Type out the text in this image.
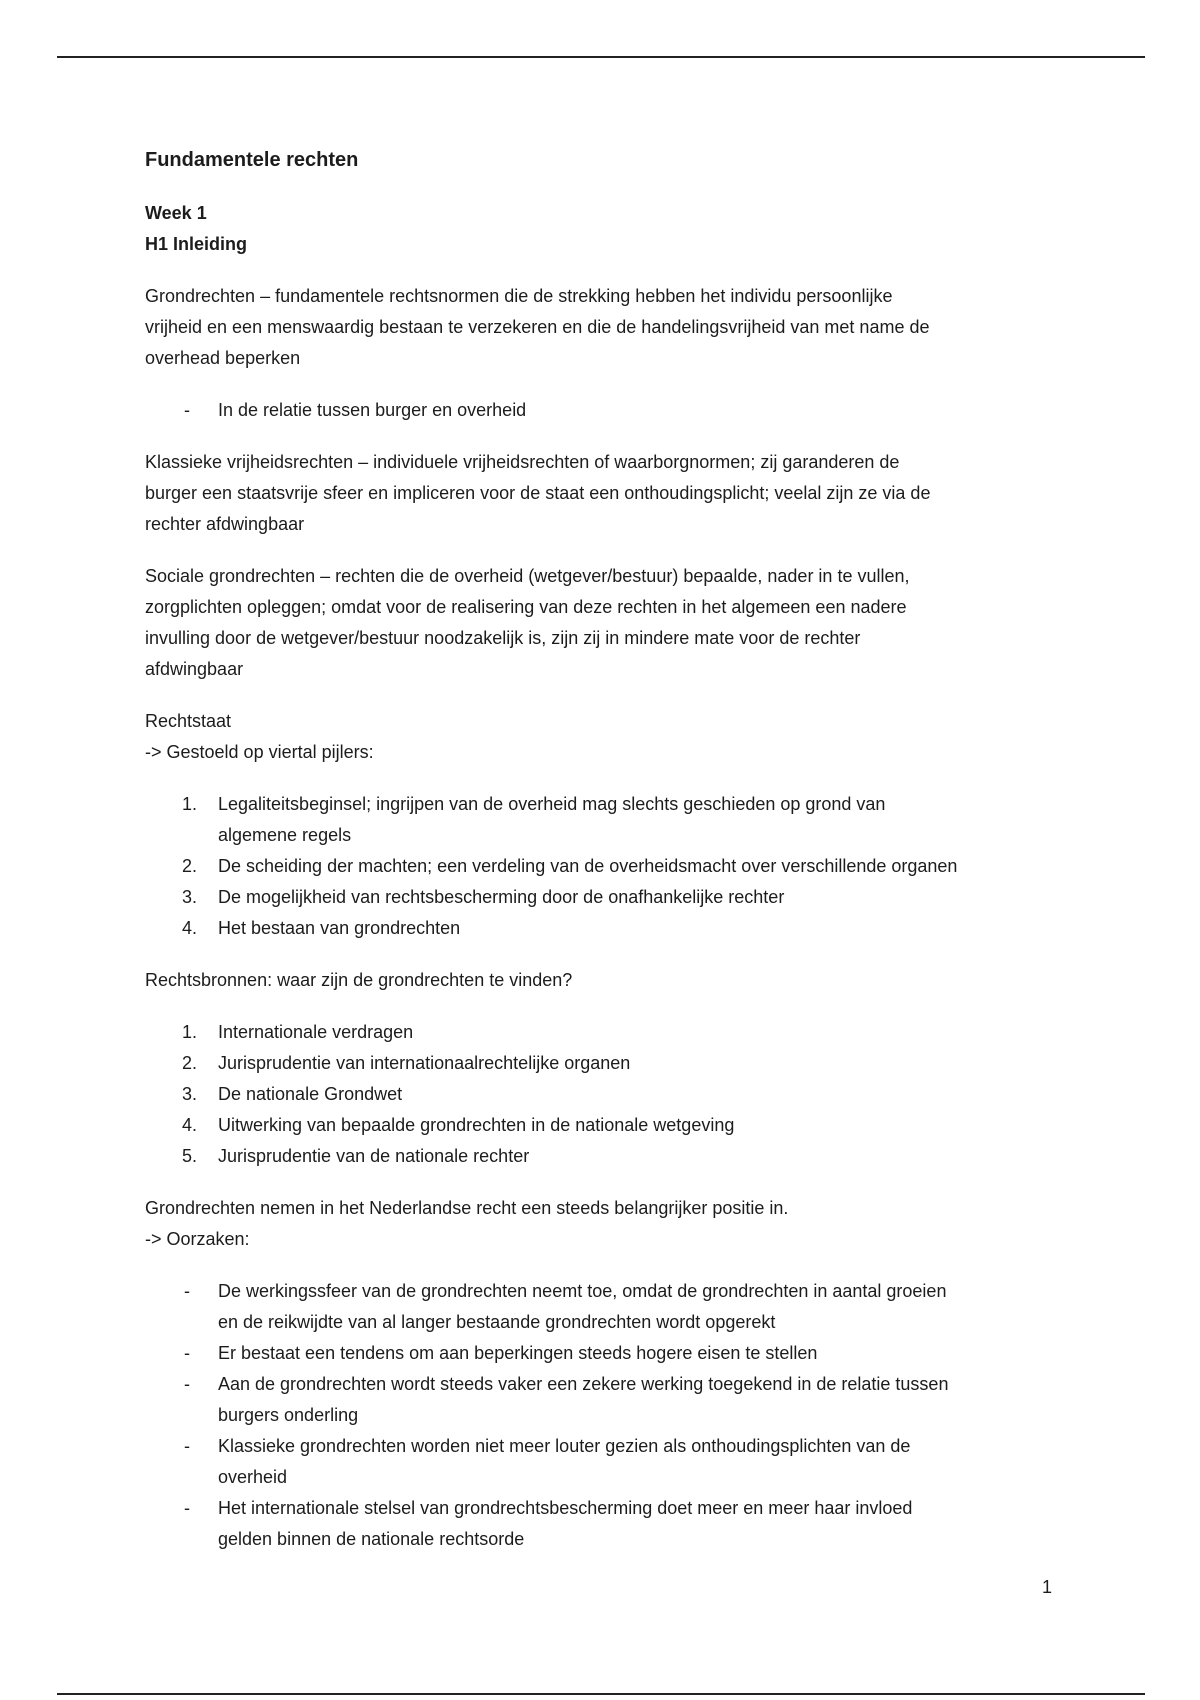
Fundamentele rechten
Week 1
H1 Inleiding
Grondrechten – fundamentele rechtsnormen die de strekking hebben het individu persoonlijke
vrijheid en een menswaardig bestaan te verzekeren en die de handelingsvrijheid van met name de
overhead beperken
- In de relatie tussen burger en overheid
Klassieke vrijheidsrechten – individuele vrijheidsrechten of waarborgnormen; zij garanderen de
burger een staatsvrije sfeer en impliceren voor de staat een onthoudingsplicht; veelal zijn ze via de
rechter afdwingbaar
Sociale grondrechten – rechten die de overheid (wetgever/bestuur) bepaalde, nader in te vullen,
zorgplichten opleggen; omdat voor de realisering van deze rechten in het algemeen een nadere
invulling door de wetgever/bestuur noodzakelijk is, zijn zij in mindere mate voor de rechter
afdwingbaar
Rechtstaat
-> Gestoeld op viertal pijlers:
1. Legaliteitsbeginsel; ingrijpen van de overheid mag slechts geschieden op grond van
algemene regels
2. De scheiding der machten; een verdeling van de overheidsmacht over verschillende organen
3. De mogelijkheid van rechtsbescherming door de onafhankelijke rechter
4. Het bestaan van grondrechten
Rechtsbronnen: waar zijn de grondrechten te vinden?
1. Internationale verdragen
2. Jurisprudentie van internationaalrechtelijke organen
3. De nationale Grondwet
4. Uitwerking van bepaalde grondrechten in de nationale wetgeving
5. Jurisprudentie van de nationale rechter
Grondrechten nemen in het Nederlandse recht een steeds belangrijker positie in.
-> Oorzaken:
- De werkingssfeer van de grondrechten neemt toe, omdat de grondrechten in aantal groeien
en de reikwijdte van al langer bestaande grondrechten wordt opgerekt
- Er bestaat een tendens om aan beperkingen steeds hogere eisen te stellen
- Aan de grondrechten wordt steeds vaker een zekere werking toegekend in de relatie tussen
burgers onderling
- Klassieke grondrechten worden niet meer louter gezien als onthoudingsplichten van de
overheid
- Het internationale stelsel van grondrechtsbescherming doet meer en meer haar invloed
gelden binnen de nationale rechtsorde
1
